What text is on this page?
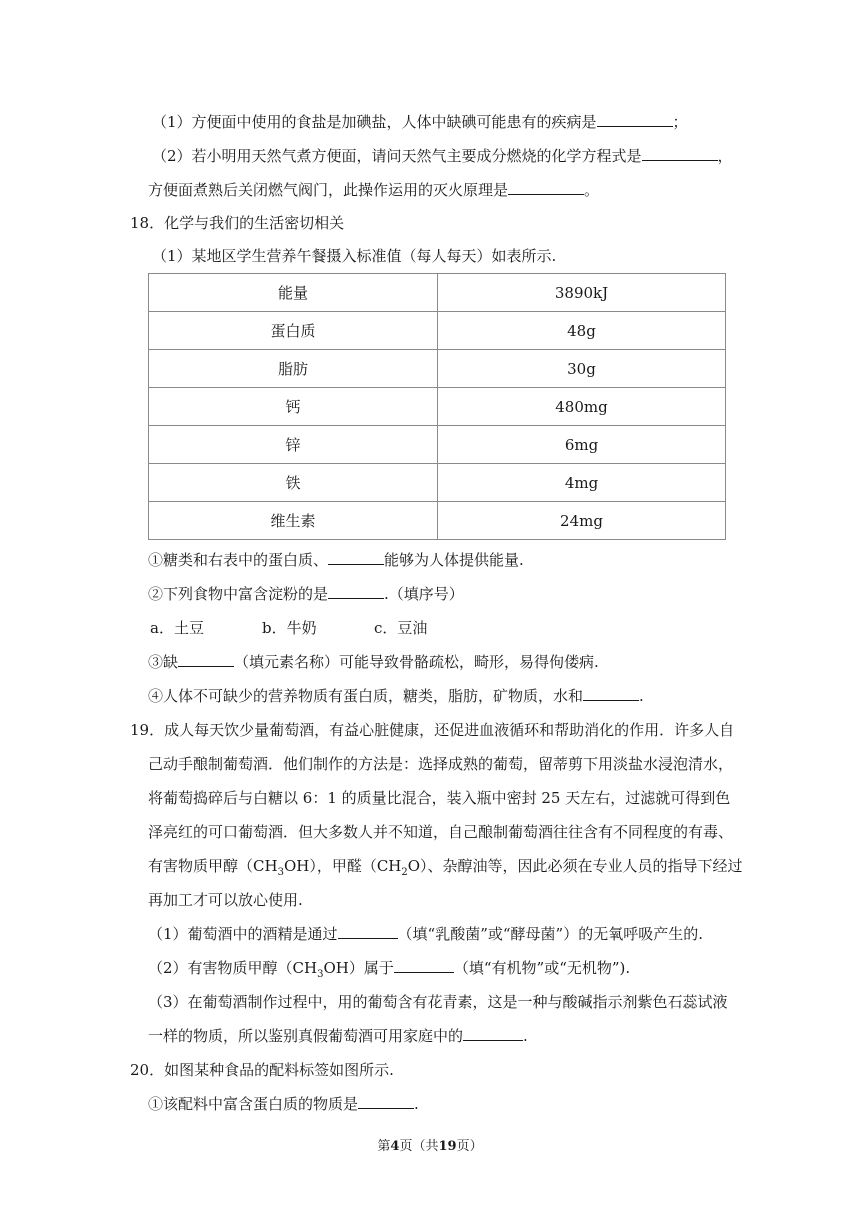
（1）方便面中使用的食盐是加碘盐，人体中缺碘可能患有的疾病是	；
（2）若小明用天然气煮方便面，请问天然气主要成分燃烧的化学方程式是	，
方便面煮熟后关闭燃气阀门，此操作运用的灭火原理是	。
18．化学与我们的生活密切相关
（1）某地区学生营养午餐摄入标准值（每人每天）如表所示.
能量	3890kJ
蛋白质	48g
脂肪	30g
钙	480mg
锌	6mg
铁	4mg
维生素	24mg
①糖类和右表中的蛋白质、	能够为人体提供能量.
②下列食物中富含淀粉的是	.（填序号）
a．土豆	b．牛奶	c．豆油
③缺	（填元素名称）可能导致骨骼疏松，畸形，易得佝偻病.
④人体不可缺少的营养物质有蛋白质，糖类，脂肪，矿物质，水和	.
19．成人每天饮少量葡萄酒，有益心脏健康，还促进血液循环和帮助消化的作用．许多人自
己动手酿制葡萄酒．他们制作的方法是：选择成熟的葡萄，留蒂剪下用淡盐水浸泡清水，
将葡萄捣碎后与白糖以 6：1 的质量比混合，装入瓶中密封 25 天左右，过滤就可得到色
泽亮红的可口葡萄酒．但大多数人并不知道，自己酿制葡萄酒往往含有不同程度的有毒、
有害物质甲醇$(CH_3OH)$，甲醛$(CH_2O)$、杂醇油等，因此必须在专业人员的指导下经过
再加工才可以放心使用.
（1）葡萄酒中的酒精是通过	（填“乳酸菌”或“酵母菌”）的无氧呼吸产生的.
（2）有害物质甲醇$(CH_3OH)$属于	（填“有机物”或“无机物”).
（3）在葡萄酒制作过程中，用的葡萄含有花青素，这是一种与酸碱指示剂紫色石蕊试液
一样的物质，所以鉴别真假葡萄酒可用家庭中的	.
20．如图某种食品的配料标签如图所示.
①该配料中富含蛋白质的物质是	.
第4页（共19页）
